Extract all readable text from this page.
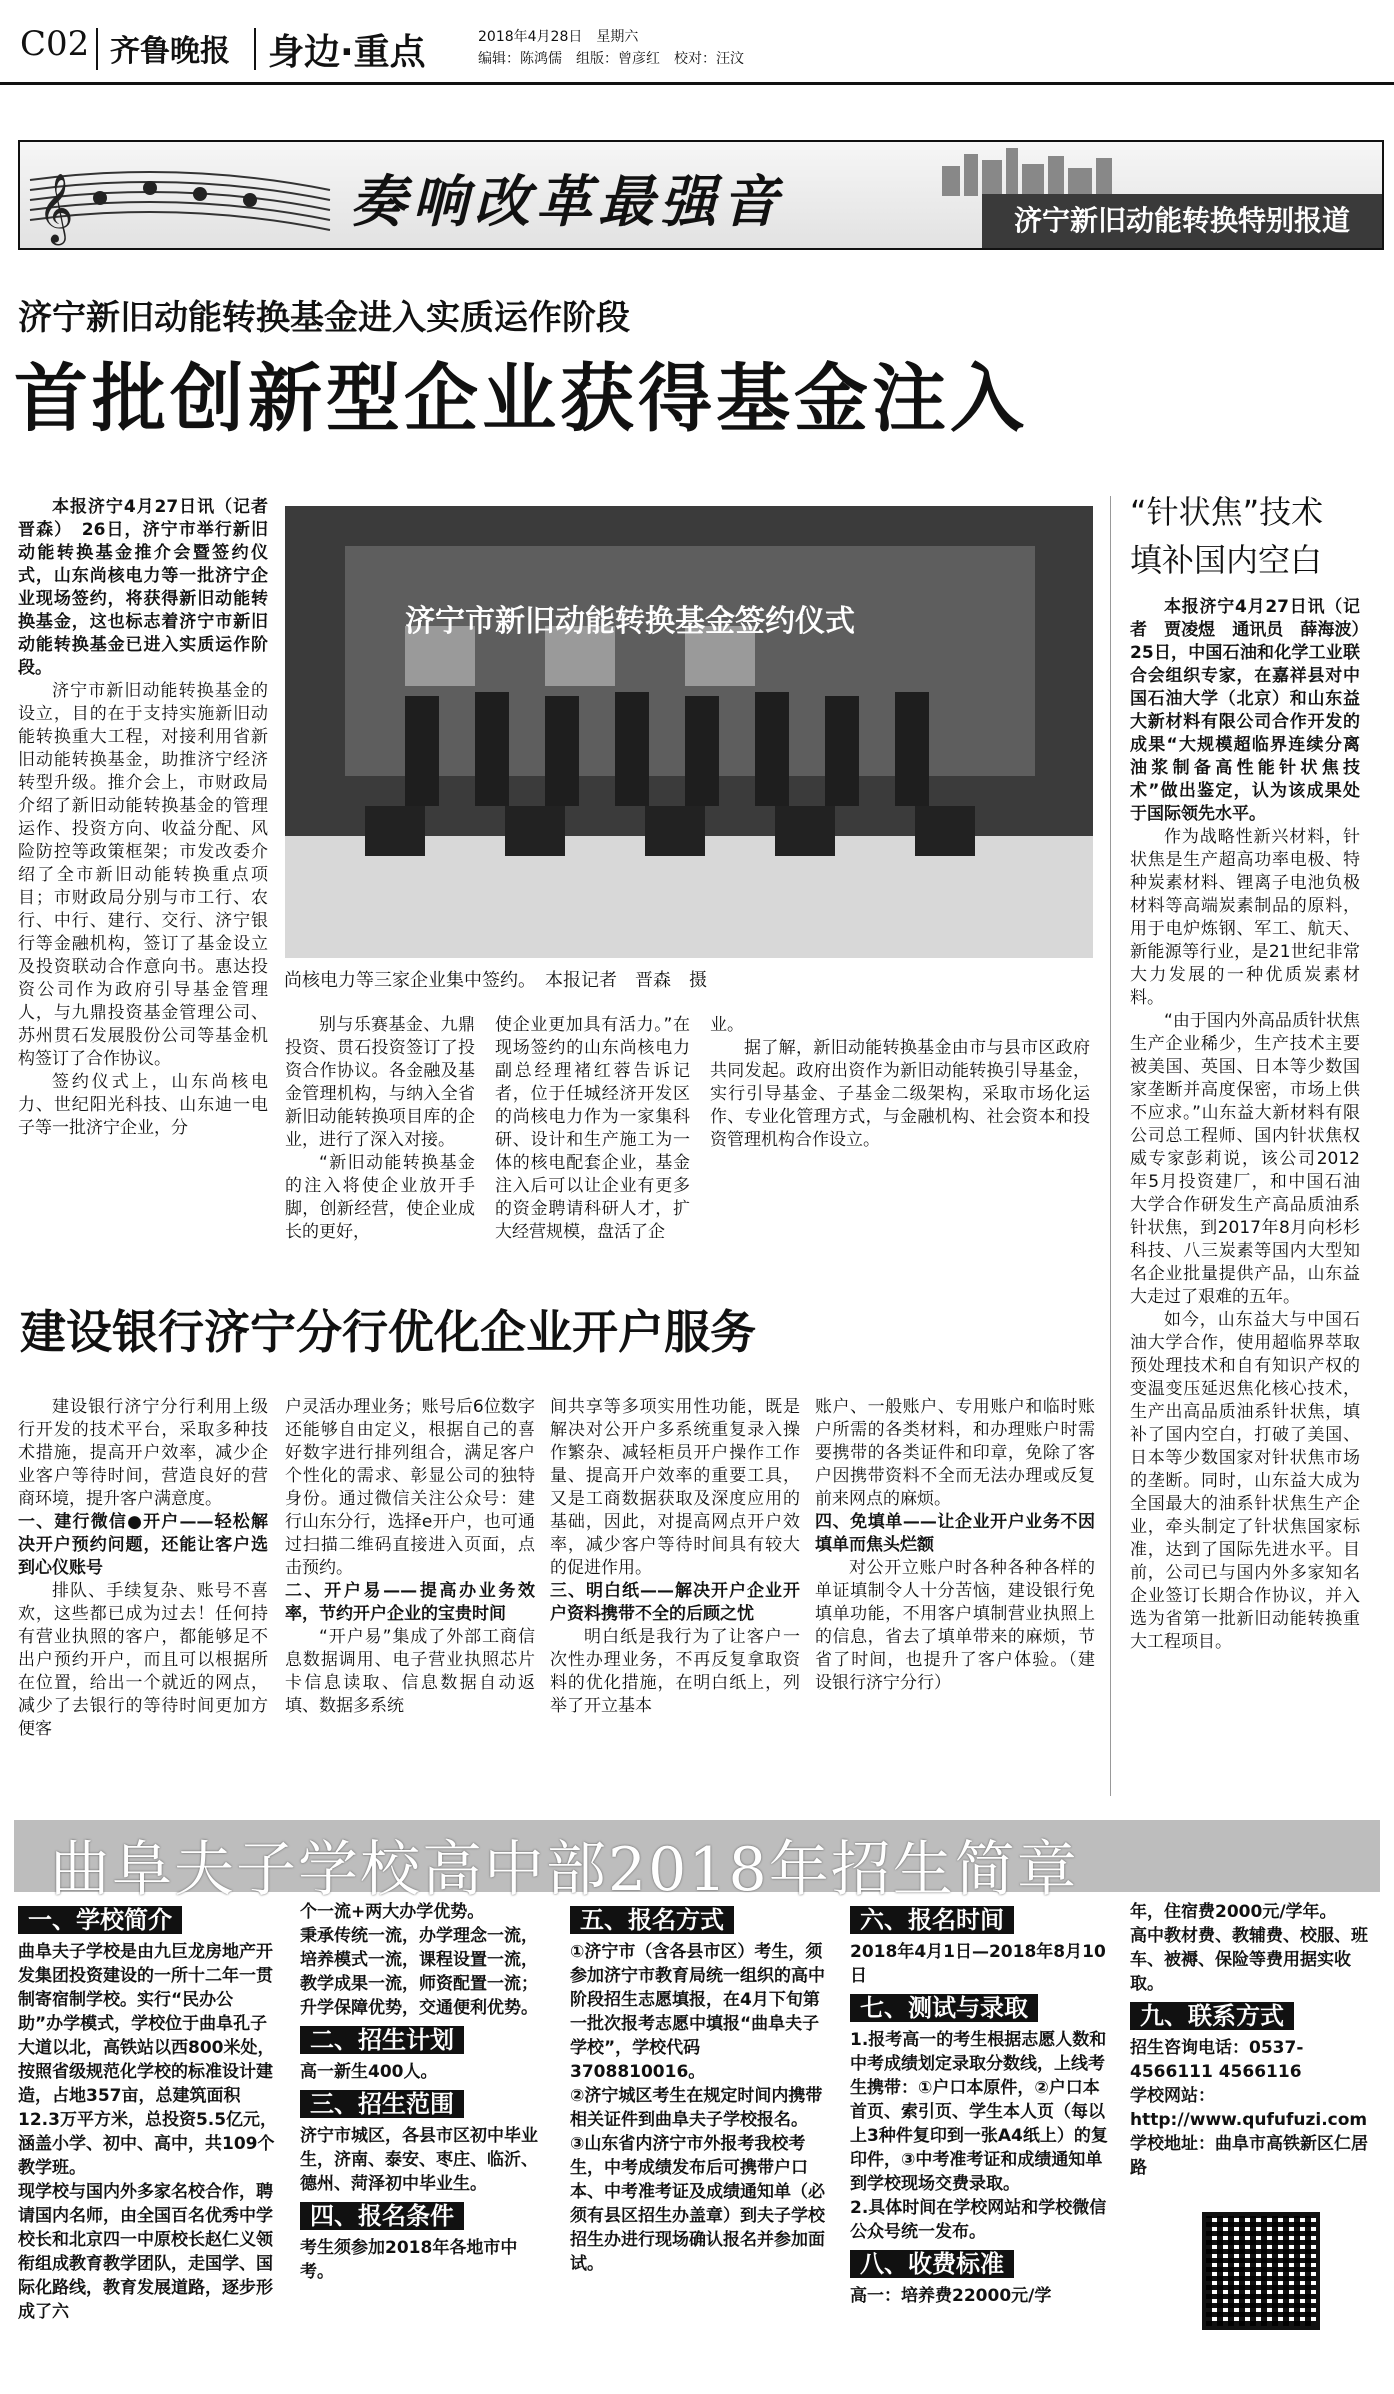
C02 齐鲁晚报 身边·重点	2018年4月28日　星期六
编辑：陈鸿儒　组版：曾彦红　校对：汪汶
𝄞	奏响改革最强音	济宁新旧动能转换特别报道
济宁新旧动能转换基金进入实质运作阶段
首批创新型企业获得基金注入

本报济宁4月27日讯（记者　晋森）　26日，济宁市举行新旧动能转换基金推介会暨签约仪式，山东尚核电力等一批济宁企业现场签约，将获得新旧动能转换基金，这也标志着济宁市新旧动能转换基金已进入实质运作阶段。

济宁市新旧动能转换基金的设立，目的在于支持实施新旧动能转换重大工程，对接利用省新旧动能转换基金，助推济宁经济转型升级。推介会上，市财政局介绍了新旧动能转换基金的管理运作、投资方向、收益分配、风险防控等政策框架；市发改委介绍了全市新旧动能转换重点项目；市财政局分别与市工行、农行、中行、建行、交行、济宁银行等金融机构，签订了基金设立及投资联动合作意向书。惠达投资公司作为政府引导基金管理人，与九鼎投资基金管理公司、苏州贯石发展股份公司等基金机构签订了合作协议。

签约仪式上，山东尚核电力、世纪阳光科技、山东迪一电子等一批济宁企业，分

济宁市新旧动能转换基金签约仪式
尚核电力等三家企业集中签约。　本报记者　晋森　摄

别与乐赛基金、九鼎投资、贯石投资签订了投资合作协议。各金融及基金管理机构，与纳入全省新旧动能转换项目库的企业，进行了深入对接。

“新旧动能转换基金的注入将使企业放开手脚，创新经营，使企业成长的更好，

使企业更加具有活力。”在现场签约的山东尚核电力副总经理褚红蓉告诉记者，位于任城经济开发区的尚核电力作为一家集科研、设计和生产施工为一体的核电配套企业，基金注入后可以让企业有更多的资金聘请科研人才，扩大经营规模，盘活了企

业。

据了解，新旧动能转换基金由市与县市区政府共同发起。政府出资作为新旧动能转换引导基金，实行引导基金、子基金二级架构，采取市场化运作、专业化管理方式，与金融机构、社会资本和投资管理机构合作设立。

“针状焦”技术
填补国内空白

本报济宁4月27日讯（记者　贾凌煜　通讯员　薛海波）　25日，中国石油和化学工业联合会组织专家，在嘉祥县对中国石油大学（北京）和山东益大新材料有限公司合作开发的成果“大规模超临界连续分离油浆制备高性能针状焦技术”做出鉴定，认为该成果处于国际领先水平。

作为战略性新兴材料，针状焦是生产超高功率电极、特种炭素材料、锂离子电池负极材料等高端炭素制品的原料，用于电炉炼钢、军工、航天、新能源等行业，是21世纪非常大力发展的一种优质炭素材料。

“由于国内外高品质针状焦生产企业稀少，生产技术主要被美国、英国、日本等少数国家垄断并高度保密，市场上供不应求。”山东益大新材料有限公司总工程师、国内针状焦权威专家彭莉说，该公司2012年5月投资建厂，和中国石油大学合作研发生产高品质油系针状焦，到2017年8月向杉杉科技、八三炭素等国内大型知名企业批量提供产品，山东益大走过了艰难的五年。

如今，山东益大与中国石油大学合作，使用超临界萃取预处理技术和自有知识产权的变温变压延迟焦化核心技术，生产出高品质油系针状焦，填补了国内空白，打破了美国、日本等少数国家对针状焦市场的垄断。同时，山东益大成为全国最大的油系针状焦生产企业，牵头制定了针状焦国家标准，达到了国际先进水平。目前，公司已与国内外多家知名企业签订长期合作协议，并入选为省第一批新旧动能转换重大工程项目。

建设银行济宁分行优化企业开户服务

建设银行济宁分行利用上级行开发的技术平台，采取多种技术措施，提高开户效率，减少企业客户等待时间，营造良好的营商环境，提升客户满意度。

一、建行微信●开户——轻松解决开户预约问题，还能让客户选到心仪账号

排队、手续复杂、账号不喜欢，这些都已成为过去！任何持有营业执照的客户，都能够足不出户预约开户，而且可以根据所在位置，给出一个就近的网点，减少了去银行的等待时间更加方便客

户灵活办理业务；账号后6位数字还能够自由定义，根据自己的喜好数字进行排列组合，满足客户个性化的需求、彰显公司的独特身份。通过微信关注公众号：建行山东分行，选择e开户，也可通过扫描二维码直接进入页面，点击预约。

二、开户易——提高办业务效率，节约开户企业的宝贵时间

“开户易”集成了外部工商信息数据调用、电子营业执照芯片卡信息读取、信息数据自动返填、数据多系统

间共享等多项实用性功能，既是解决对公开户多系统重复录入操作繁杂、减轻柜员开户操作工作量、提高开户效率的重要工具，又是工商数据获取及深度应用的基础，因此，对提高网点开户效率，减少客户等待时间具有较大的促进作用。

三、明白纸——解决开户企业开户资料携带不全的后顾之忧

明白纸是我行为了让客户一次性办理业务，不再反复拿取资料的优化措施，在明白纸上，列举了开立基本

账户、一般账户、专用账户和临时账户所需的各类材料，和办理账户时需要携带的各类证件和印章，免除了客户因携带资料不全而无法办理或反复前来网点的麻烦。

四、免填单——让企业开户业务不因填单而焦头烂额

对公开立账户时各种各种各样的单证填制令人十分苦恼，建设银行免填单功能，不用客户填制营业执照上的信息，省去了填单带来的麻烦，节省了时间，也提升了客户体验。（建设银行济宁分行）

曲阜夫子学校高中部2018年招生简章
一、学校简介

曲阜夫子学校是由九巨龙房地产开发集团投资建设的一所十二年一贯制寄宿制学校。实行“民办公助”办学模式，学校位于曲阜孔子大道以北，高铁站以西800米处，按照省级规范化学校的标准设计建造，占地357亩，总建筑面积12.3万平方米，总投资5.5亿元，涵盖小学、初中、高中，共109个教学班。

现学校与国内外多家名校合作，聘请国内名师，由全国百名优秀中学校长和北京四一中原校长赵仁义领衔组成教育教学团队，走国学、国际化路线，教育发展道路，逐步形成了六

个一流+两大办学优势。

秉承传统一流，办学理念一流，培养模式一流，课程设置一流，教学成果一流，师资配置一流；升学保障优势，交通便利优势。

二、招生计划

高一新生400人。

三、招生范围

济宁市城区，各县市区初中毕业生，济南、泰安、枣庄、临沂、德州、菏泽初中毕业生。

四、报名条件

考生须参加2018年各地市中考。

五、报名方式

①济宁市（含各县市区）考生，须参加济宁市教育局统一组织的高中阶段招生志愿填报，在4月下旬第一批次报考志愿中填报“曲阜夫子学校”，学校代码3708810016。

②济宁城区考生在规定时间内携带相关证件到曲阜夫子学校报名。

③山东省内济宁市外报考我校考生，中考成绩发布后可携带户口本、中考准考证及成绩通知单（必须有县区招生办盖章）到夫子学校招生办进行现场确认报名并参加面试。

六、报名时间

2018年4月1日—2018年8月10日

七、测试与录取

1.报考高一的考生根据志愿人数和中考成绩划定录取分数线，上线考生携带：①户口本原件，②户口本首页、索引页、学生本人页（每以上3种件复印到一张A4纸上）的复印件，③中考准考证和成绩通知单到学校现场交费录取。

2.具体时间在学校网站和学校微信公众号统一发布。

八、收费标准

高一：培养费22000元/学

年，住宿费2000元/学年。

高中教材费、教辅费、校服、班车、被褥、保险等费用据实收取。

九、联系方式

招生咨询电话：0537-4566111 4566116

学校网站：http://www.qufufuzi.com

学校地址：曲阜市高铁新区仁居路
